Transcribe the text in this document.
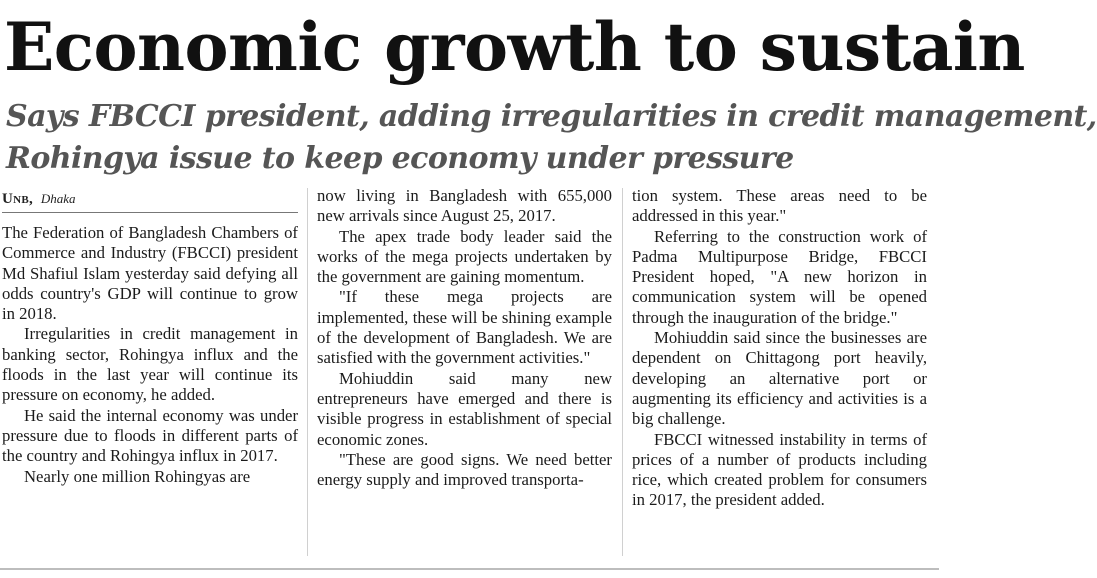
Economic growth to sustain
Says FBCCI president, adding irregularities in credit management,
Rohingya issue to keep economy under pressure
Unb, Dhaka

The Federation of Bangladesh Chambers of Commerce and Industry (FBCCI) president Md Shafiul Islam yesterday said defying all odds country's GDP will continue to grow in 2018.

Irregularities in credit management in banking sector, Rohingya influx and the floods in the last year will continue its pressure on economy, he added.

He said the internal economy was under pressure due to floods in different parts of the country and Rohingya influx in 2017.

Nearly one million Rohingyas are

now living in Bangladesh with 655,000 new arrivals since August 25, 2017.

The apex trade body leader said the works of the mega projects undertaken by the government are gaining momentum.

"If these mega projects are implemented, these will be shining example of the development of Bangladesh. We are satisfied with the government activities."

Mohiuddin said many new entrepreneurs have emerged and there is visible progress in establishment of special economic zones.

"These are good signs. We need better energy supply and improved transporta-

tion system. These areas need to be addressed in this year."

Referring to the construction work of Padma Multipurpose Bridge, FBCCI President hoped, "A new horizon in communication system will be opened through the inauguration of the bridge."

Mohiuddin said since the businesses are dependent on Chittagong port heavily, developing an alternative port or augmenting its efficiency and activities is a big challenge.

FBCCI witnessed instability in terms of prices of a number of products including rice, which created problem for consumers in 2017, the president added.
